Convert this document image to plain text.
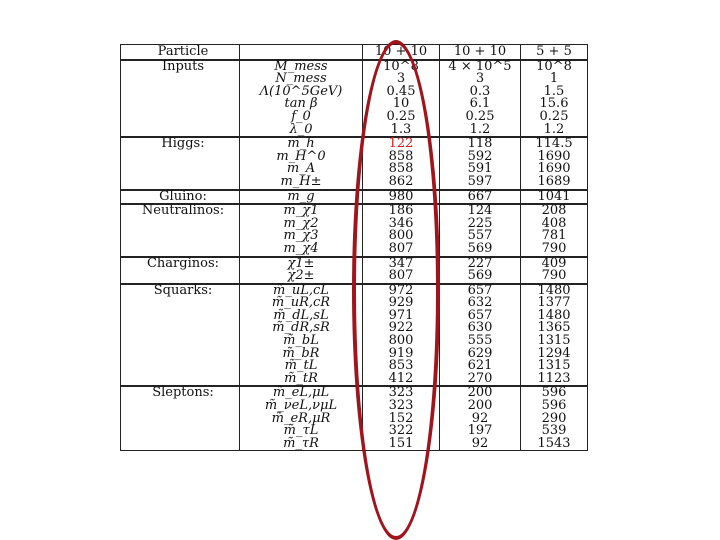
Particle		10 + 10	10 + 10	5 + 5
Inputs	M_mess	10^8	4 × 10^5	10^8
	N_mess	3	3	1
	Λ(10^5GeV)	0.45	0.3	1.5
	tan β	10	6.1	15.6
	f_0	0.25	0.25	0.25
	λ_0	1.3	1.2	1.2
Higgs:	m_h	122	118	114.5
	m_H^0	858	592	1690
	m_A	858	591	1690
	m_H±	862	597	1689
Gluino:	m_g	980	667	1041
Neutralinos:	m_χ1	186	124	208
	m_χ2	346	225	408
	m_χ3	800	557	781
	m_χ4	807	569	790
Charginos:	χ1±	347	227	409
	χ2±	807	569	790
Squarks:	m̃_uL,cL	972	657	1480
	m̃_uR,cR	929	632	1377
	m̃_dL,sL	971	657	1480
	m̃_dR,sR	922	630	1365
	m̃_bL	800	555	1315
	m̃_bR	919	629	1294
	m̃_tL	853	621	1315
	m̃_tR	412	270	1123
Sleptons:	m̃_eL,μL	323	200	596
	m̃_νeL,νμL	323	200	596
	m̃_eR,μR	152	92	290
	m̃_τL	322	197	539
	m̃_τR	151	92	1543
